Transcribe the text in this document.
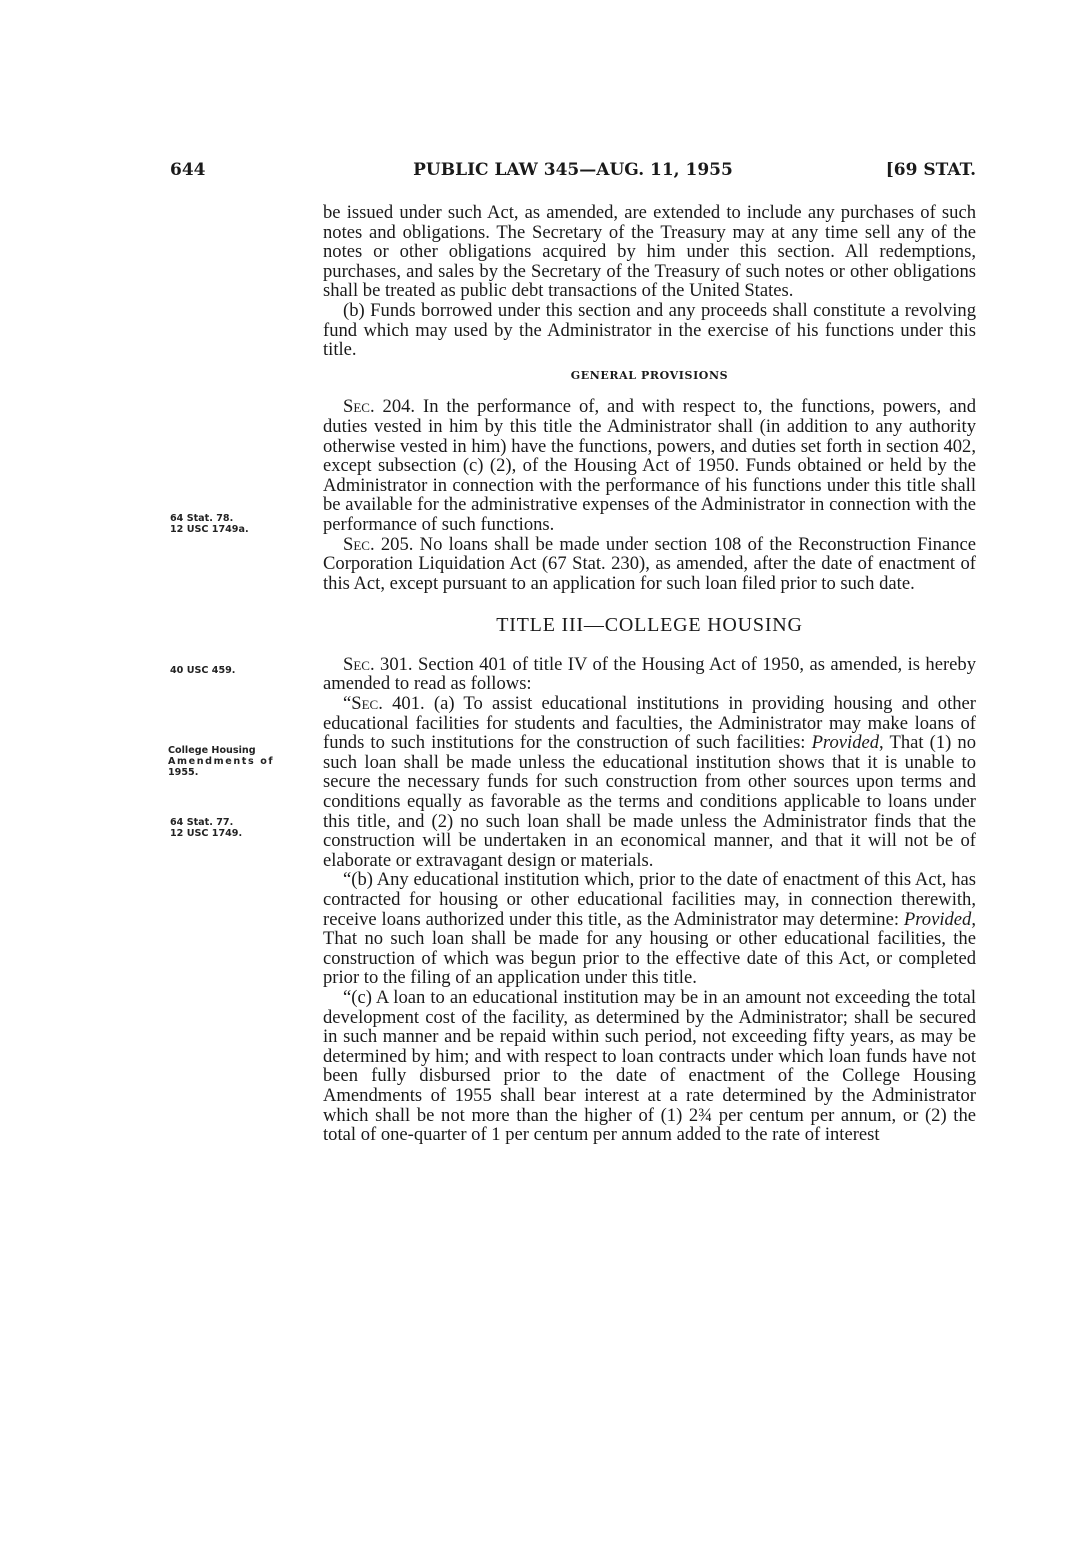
644	PUBLIC LAW 345—AUG. 11, 1955	[69 STAT.
64 Stat. 78.
12 USC 1749a.
40 USC 459.
College Housing
Amendments of
1955.
64 Stat. 77.
12 USC 1749.

be issued under such Act, as amended, are extended to include any purchases of such notes and obligations. The Secretary of the Treasury may at any time sell any of the notes or other obligations acquired by him under this section. All redemptions, purchases, and sales by the Secretary of the Treasury of such notes or other obligations shall be treated as public debt transactions of the United States.

(b) Funds borrowed under this section and any proceeds shall constitute a revolving fund which may used by the Administrator in the exercise of his functions under this title.

GENERAL PROVISIONS

Sec. 204. In the performance of, and with respect to, the functions, powers, and duties vested in him by this title the Administrator shall (in addition to any authority otherwise vested in him) have the functions, powers, and duties set forth in section 402, except subsection (c) (2), of the Housing Act of 1950. Funds obtained or held by the Administrator in connection with the performance of his functions under this title shall be available for the administrative expenses of the Administrator in connection with the performance of such functions.

Sec. 205. No loans shall be made under section 108 of the Reconstruction Finance Corporation Liquidation Act (67 Stat. 230), as amended, after the date of enactment of this Act, except pursuant to an application for such loan filed prior to such date.

TITLE III—COLLEGE HOUSING

Sec. 301. Section 401 of title IV of the Housing Act of 1950, as amended, is hereby amended to read as follows:

“Sec. 401. (a) To assist educational institutions in providing housing and other educational facilities for students and faculties, the Administrator may make loans of funds to such institutions for the construction of such facilities: Provided, That (1) no such loan shall be made unless the educational institution shows that it is unable to secure the necessary funds for such construction from other sources upon terms and conditions equally as favorable as the terms and conditions applicable to loans under this title, and (2) no such loan shall be made unless the Administrator finds that the construction will be undertaken in an economical manner, and that it will not be of elaborate or extravagant design or materials.

“(b) Any educational institution which, prior to the date of enactment of this Act, has contracted for housing or other educational facilities may, in connection therewith, receive loans authorized under this title, as the Administrator may determine: Provided, That no such loan shall be made for any housing or other educational facilities, the construction of which was begun prior to the effective date of this Act, or completed prior to the filing of an application under this title.

“(c) A loan to an educational institution may be in an amount not exceeding the total development cost of the facility, as determined by the Administrator; shall be secured in such manner and be repaid within such period, not exceeding fifty years, as may be determined by him; and with respect to loan contracts under which loan funds have not been fully disbursed prior to the date of enactment of the College Housing Amendments of 1955 shall bear interest at a rate determined by the Administrator which shall be not more than the higher of (1) 2¾ per centum per annum, or (2) the total of one-quarter of 1 per centum per annum added to the rate of interest
